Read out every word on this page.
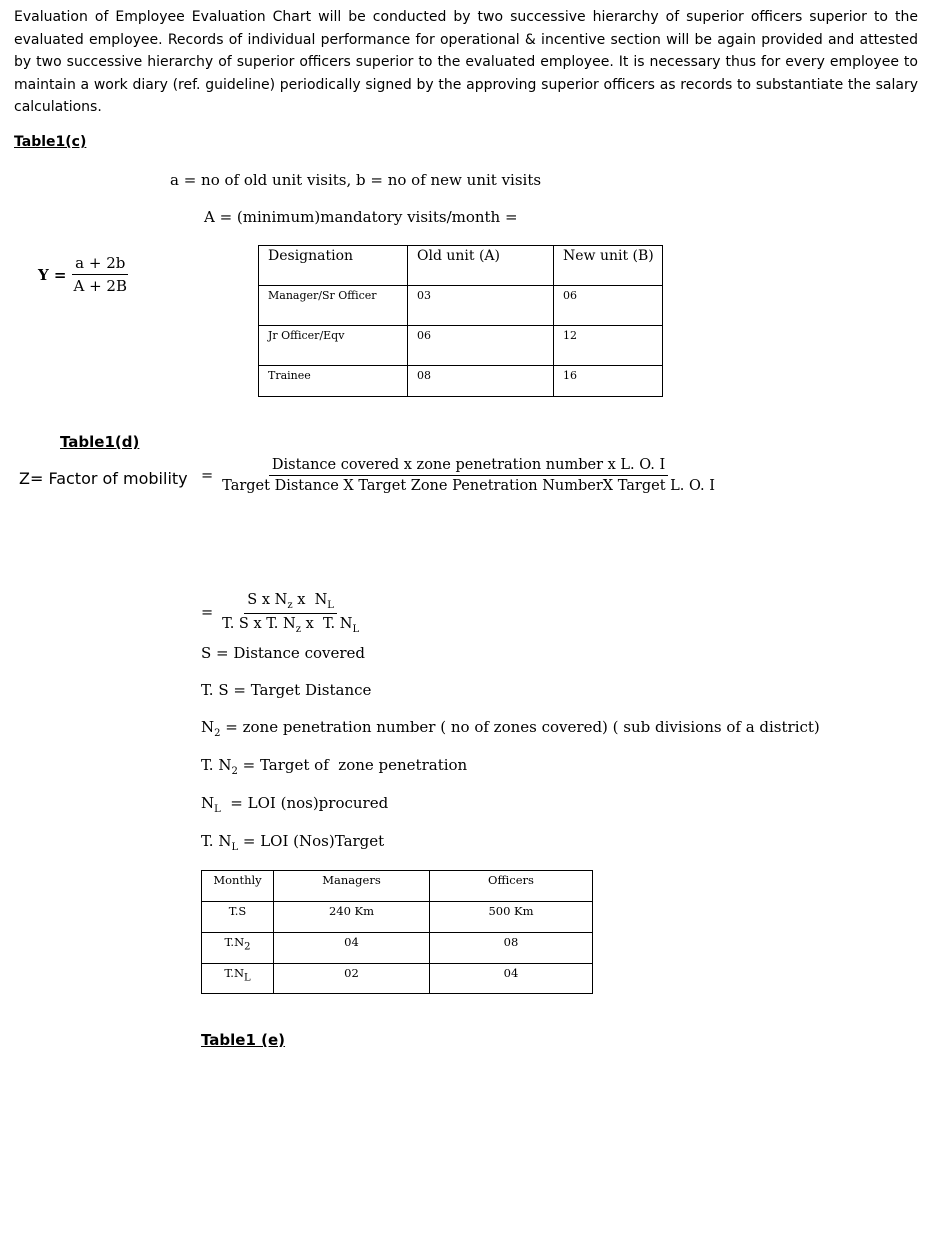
Evaluation of Employee Evaluation Chart will be conducted by two successive hierarchy of superior officers superior to the evaluated employee. Records of individual performance for operational & incentive section will be again provided and attested by two successive hierarchy of superior officers superior to the evaluated employee. It is necessary thus for every employee to maintain a work diary (ref. guideline) periodically signed by the approving superior officers as records to substantiate the salary calculations.
Table1(c)
a = no of old unit visits, b = no of new unit visits
A = (minimum)mandatory visits/month =
$Y = \frac{a + 2b}{A + 2B}$	Designation	Old unit (A)	New unit (B)
Manager/Sr Officer	03	06
Jr Officer/Eqv	06	12
Trainee	08	16
Table1(d)
Z= Factor of mobility =
Distance covered x zone penetration number x L. O. I
Target Distance X Target Zone Penetration NumberX Target L. O. I
= $\frac{S x N_z x N_L}{T. S x T. N_z x T. N_L}$
S = Distance covered
T. S = Target Distance
$N_2$ = zone penetration number ( no of zones covered) ( sub divisions of a district)
T. $N_2$ = Target of  zone penetration
$N_L$  = LOI (nos)procured
T. $N_L$ = LOI (Nos)Target
Monthly	Managers	Officers
T.S	240 Km	500 Km
$T.N_2$	04	08
$T.N_L$	02	04
Table1 (e)
